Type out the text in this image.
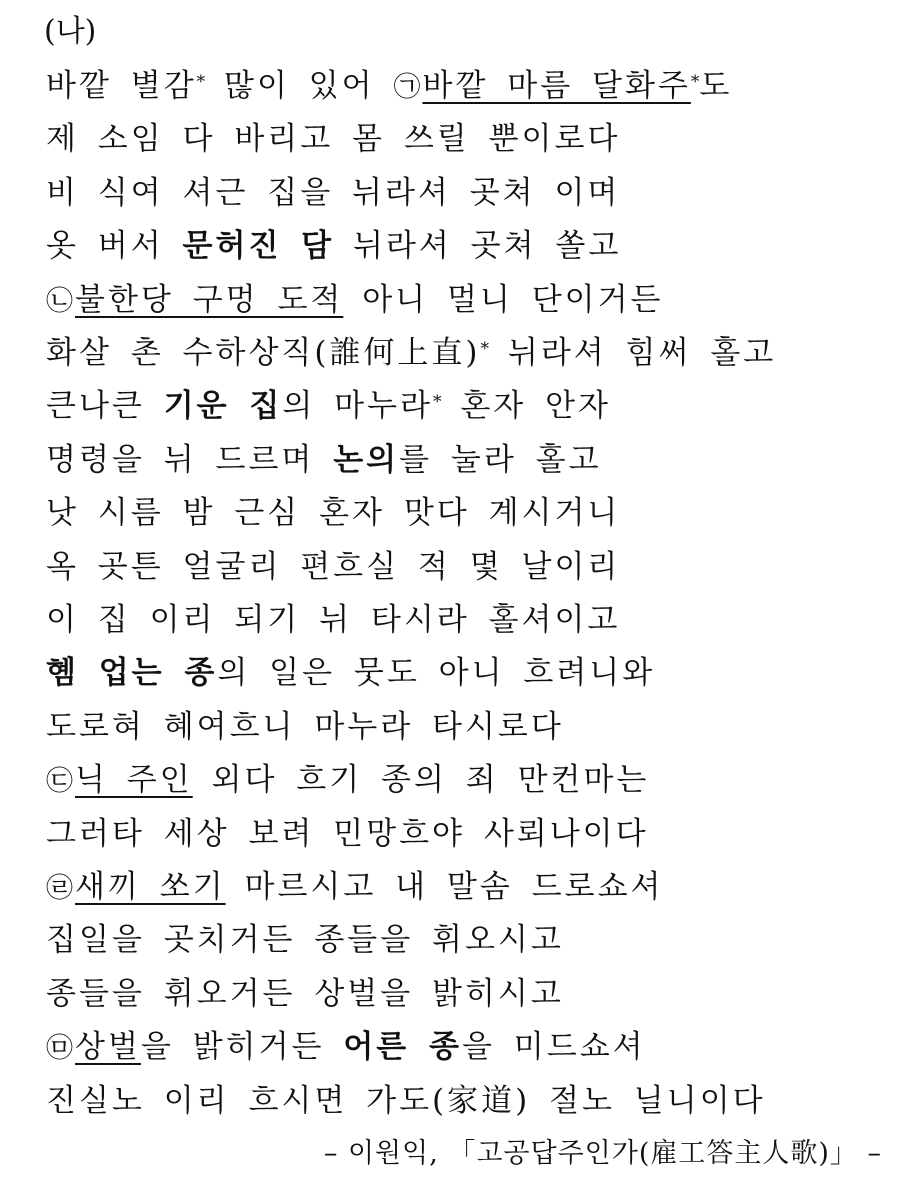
(나)
바깥 별감* 많이 있어 ㉠바깥 마름 달화주*도
제 소임 다 바리고 몸 쓰릴 뿐이로다
비 식여 셔근 집을 뉘라셔 곳쳐 이며
옷 버서 문허진 담 뉘라셔 곳쳐 쏠고
㉡불한당 구멍 도적 아니 멀니 단이거든
화살 촌 수하상직(誰何上直)* 뉘라셔 힘써 홀고
큰나큰 기운 집의 마누라* 혼자 안자
명령을 뉘 드르며 논의를 눌라 홀고
낫 시름 밤 근심 혼자 맛다 계시거니
옥 곳튼 얼굴리 편흐실 적 몇 날이리
이 집 이리 되기 뉘 타시라 홀셔이고
혬 업는 종의 일은 뭇도 아니 흐려니와
도로혀 혜여흐니 마누라 타시로다
㉢닉 주인 외다 흐기 종의 죄 만컨마는
그러타 세상 보려 민망흐야 사뢰나이다
㉣새끼 쏘기 마르시고 내 말솜 드로쇼셔
집일을 곳치거든 종들을 휘오시고
종들을 휘오거든 상벌을 밝히시고
㉤상벌을 밝히거든 어른 종을 미드쇼셔
진실노 이리 흐시면 가도(家道) 절노 닐니이다
– 이원익, 「고공답주인가(雇工答主人歌)」 –
